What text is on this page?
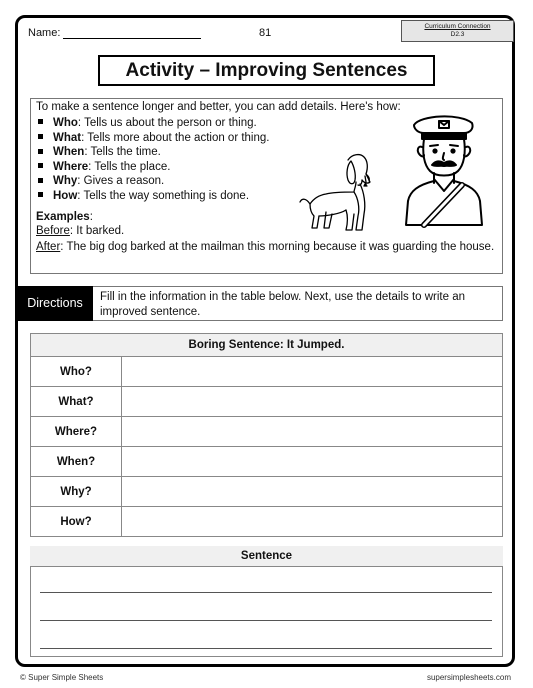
Name:	81
Curriculum Connection
D2.3
Activity – Improving Sentences
To make a sentence longer and better, you can add details. Here's how:
Who: Tells us about the person or thing.
What: Tells more about the action or thing.
When: Tells the time.
Where: Tells the place.
Why: Gives a reason.
How: Tells the way something is done.
Examples:
Before: It barked.
After: The big dog barked at the mailman this morning because it was guarding the house.
Directions	Fill in the information in the table below. Next, use the details to write an improved sentence.
Boring Sentence: It Jumped.	
Who?	
What?	
Where?	
When?	
Why?	
How?	
Sentence
© Super Simple Sheets	supersimplesheets.com
